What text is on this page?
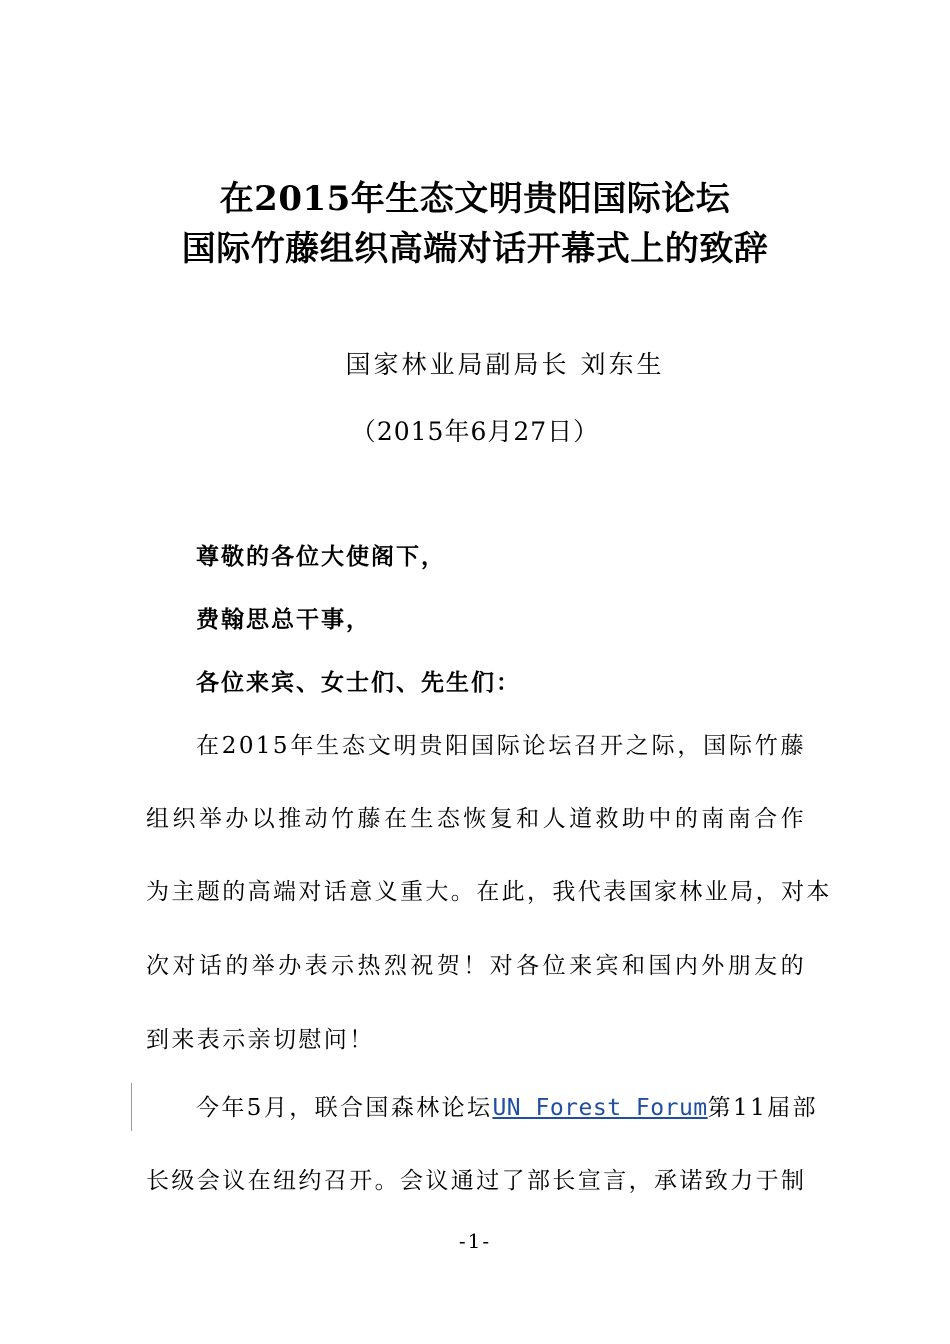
在2015年生态文明贵阳国际论坛
国际竹藤组织高端对话开幕式上的致辞
国家林业局副局长 刘东生
（2015年6月27日）
尊敬的各位大使阁下，
费翰思总干事，
各位来宾、女士们、先生们：
在2015年生态文明贵阳国际论坛召开之际，国际竹藤
组织举办以推动竹藤在生态恢复和人道救助中的南南合作
为主题的高端对话意义重大。在此，我代表国家林业局，对本
次对话的举办表示热烈祝贺！对各位来宾和国内外朋友的
到来表示亲切慰问！
今年5月，联合国森林论坛UN Forest Forum第11届部
长级会议在纽约召开。会议通过了部长宣言，承诺致力于制
-1-
